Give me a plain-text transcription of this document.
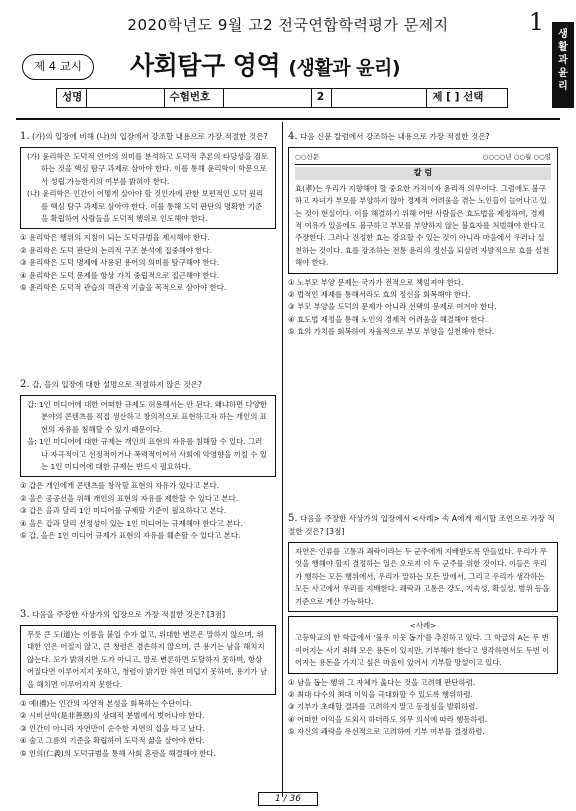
2020학년도 9월 고2 전국연합학력평가 문제지	1	생
활
과
윤
리
제 4 교시	사회탐구 영역 (생활과 윤리)
성명	수험번호	2	제 [ ] 선택
1. (가)의 입장에 비해 (나)의 입장에서 강조할 내용으로 가장 적절한 것은?

(가) 윤리학은 도덕적 언어의 의미를 분석하고 도덕적 추론의 타당성을 검토하는 것을 핵심 탐구 과제로 삼아야 한다. 이를 통해 윤리학이 학문으로서 성립 가능한지의 여부를 밝혀야 한다.

(나) 윤리학은 인간이 어떻게 살아야 할 것인가에 관한 보편적인 도덕 원리를 핵심 탐구 과제로 삼아야 한다. 이를 통해 도덕 판단의 명확한 기준을 확립하여 사람들을 도덕적 행위로 인도해야 한다.

① 윤리학은 행위의 지침이 되는 도덕규범을 제시해야 한다.
② 윤리학은 도덕 판단의 논리적 구조 분석에 집중해야 한다.
③ 윤리학은 도덕 명제에 사용된 용어의 의미를 탐구해야 한다.
④ 윤리학은 도덕 문제를 항상 가치 중립적으로 접근해야 한다.
⑤ 윤리학은 도덕적 관습의 객관적 기술을 목적으로 삼아야 한다.
2. 갑, 을의 입장에 대한 설명으로 적절하지 않은 것은?

갑: 1인 미디어에 대한 어떠한 규제도 허용해서는 안 된다. 왜냐하면 다양한 분야의 콘텐츠를 직접 생산하고 창의적으로 표현하고자 하는 개인의 표현의 자유를 침해할 수 있기 때문이다.

을: 1인 미디어에 대한 규제는 개인의 표현의 자유를 침해할 수 있다. 그러나 자극적이고 선정적이거나 폭력적이어서 사회에 악영향을 끼칠 수 있는 1인 미디어에 대한 규제는 반드시 필요하다.

① 갑은 개인에게 콘텐츠를 창작할 표현의 자유가 있다고 본다.
② 을은 공공선을 위해 개인의 표현의 자유를 제한할 수 있다고 본다.
③ 갑은 을과 달리 1인 미디어를 규제할 기준이 필요하다고 본다.
④ 을은 갑과 달리 선정성이 있는 1인 미디어는 규제해야 한다고 본다.
⑤ 갑, 을은 1인 미디어 규제가 표현의 자유를 훼손할 수 있다고 본다.
3. 다음을 주장한 사상가의 입장으로 가장 적절한 것은? [3점]

무릇 큰 도(道)는 이름을 붙일 수가 없고, 위대한 변론은 말하지 않으며, 위대한 인은 어질지 않고, 큰 청렴은 겸손하지 않으며, 큰 용기는 남을 해치지 않는다. 도가 밝혀지면 도가 아니고, 말로 변론하면 도달하지 못하며, 항상 어질다면 이루어지지 못하고, 청렴이 밝기만 하면 미덥지 못하며, 용기가 남을 해치면 이루어지지 못한다.

① 예(禮)는 인간의 자연적 본성을 회복하는 수단이다.
② 시비선악(是非善惡)의 상대적 분별에서 벗어나야 한다.
③ 인간이 아니라 자연만이 순수한 자연의 섭을 타고 났다.
④ 술고 그름의 기준을 확립하여 도덕적 삶을 살아야 한다.
⑤ 인의(仁義)의 도덕규범을 통해 사회 혼란을 해결해야 한다.
4. 다음 신문 칼럼에서 강조하는 내용으로 가장 적절한 것은?
○○신문	○○○○년 ○○월 ○○일
칼 럼

효(孝)는 우리가 지향해야 할 중요한 가치이자 윤리적 의무이다. 그럼에도 불구하고 자녀가 부모를 부양하지 않아 경제적 어려움을 겪는 노인들이 늘어나고 있는 것이 현실이다. 이를 해결하기 위해 어떤 사람들은 효도법을 제정하여, 경제적 여유가 있음에도 불구하고 부모를 부양하지 않는 불효자를 처벌해야 한다고 주장한다. 그러나 진정한 효는 강요할 수 있는 것이 아니라 마음에서 우러나 실천하는 것이다. 효를 강조하는 전통 윤리의 정신을 되살려 자발적으로 효를 실천해야 한다.

① 노부모 부양 문제는 국가가 전적으로 책임져야 한다.
② 법적인 제재를 통해서라도 효의 정신을 회복해야 한다.
③ 부모 부양을 도덕의 문제가 아니라 선택의 문제로 여겨야 한다.
④ 효도법 제정을 통해 노인의 경제적 어려움을 해결해야 한다.
⑤ 효의 가치를 회복하여 자율적으로 부모 부양을 실천해야 한다.
5. 다음을 주장한 사상가의 입장에서 <사례> 속 A에게 제시할 조언으로 가장 적절한 것은? [3점]

자연은 인류를 고통과 쾌락이라는 두 군주에게 지배받도록 만들었다. 우리가 무엇을 행해야 할지 결정하는 일은 오로지 이 두 군주를 위한 것이다. 이들은 우리가 행하는 모든 행위에서, 우리가 말하는 모든 말에서, 그리고 우리가 생각하는 모든 사고에서 우리를 지배한다. 쾌락과 고통은 강도, 지속성, 확실성, 범위 등을 기준으로 계산 가능하다.

<사례>

고등학교의 한 학급에서 '불우 이웃 돕기'를 추진하고 있다. 그 학급의 A는 두 번 이어지는 사기 취해 모은 용돈이 있지만, 기부해야 한다고 생각하면서도 두번 이어지는 용돈을 가지고 싶은 마음이 있어서 기부할 망설이고 있다.

① 남을 돕는 행위 그 자체가 옳다는 것을 고려해 판단하렴.
② 최대 다수의 최대 이익을 극대화할 수 있도록 행위하렴.
③ 기부가 초래할 결과를 고려하지 말고 동정심을 발휘하렴.
④ 어떠한 이익을 도외시 하더라도 의무 의식에 따라 행동하렴.
⑤ 자신의 쾌락을 우선적으로 고려하여 기부 여부를 결정하렴.
1 / 36
